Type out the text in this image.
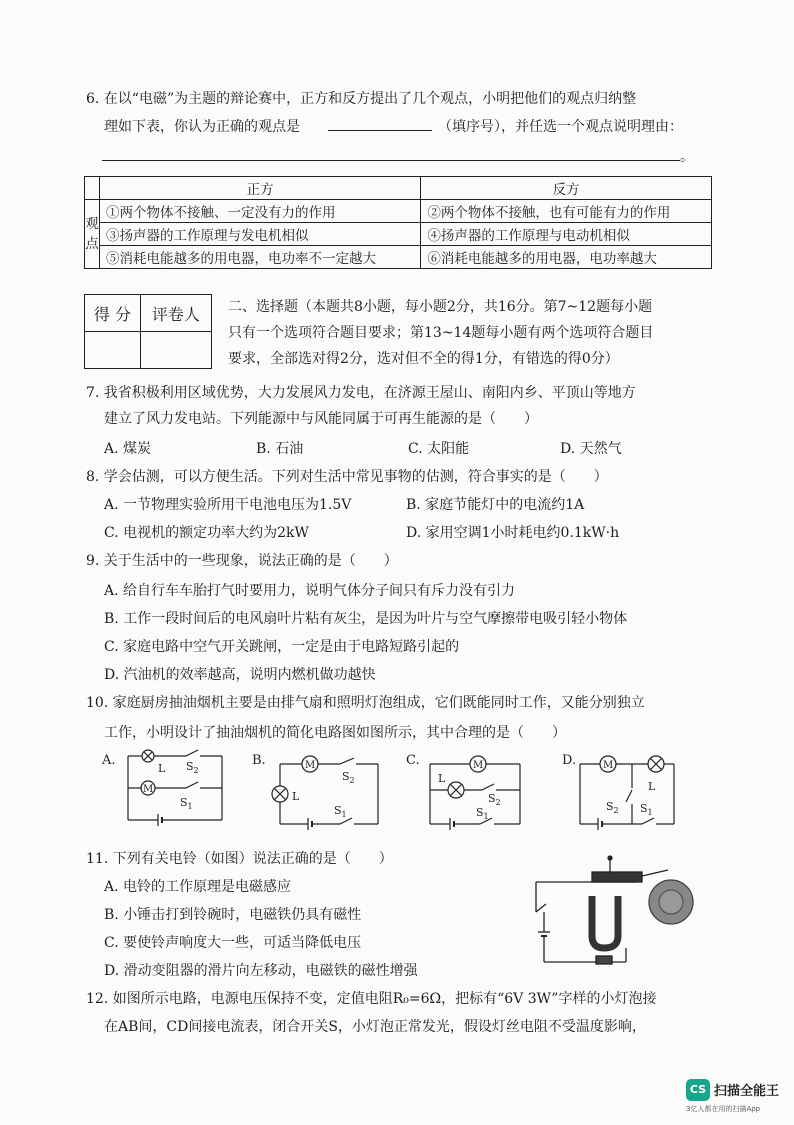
6. 在以“电磁”为主题的辩论赛中，正方和反方提出了几个观点，小明把他们的观点归纳整
理如下表，你认为正确的观点是	（填序号），并任选一个观点说明理由：
。
	正方	反方
观
点	①两个物体不接触、一定没有力的作用	②两个物体不接触，也有可能有力的作用
	③扬声器的工作原理与发电机相似	④扬声器的工作原理与电动机相似
	⑤消耗电能越多的用电器，电功率不一定越大	⑥消耗电能越多的用电器，电功率越大
得 分	评卷人
	二、选择题（本题共8小题，每小题2分，共16分。第7~12题每小题
只有一个选项符合题目要求；第13~14题每小题有两个选项符合题目
要求，全部选对得2分，选对但不全的得1分，有错选的得0分）
7. 我省积极利用区域优势，大力发展风力发电，在济源王屋山、南阳内乡、平顶山等地方
建立了风力发电站。下列能源中与风能同属于可再生能源的是（　　）
A. 煤炭	B. 石油	C. 太阳能	D. 天然气
8. 学会估测，可以方便生活。下列对生活中常见事物的估测，符合事实的是（　　）
A. 一节物理实验所用干电池电压为1.5V	B. 家庭节能灯中的电流约1A
C. 电视机的额定功率大约为2kW	D. 家用空调1小时耗电约0.1kW·h
9. 关于生活中的一些现象，说法正确的是（　　）
A. 给自行车车胎打气时要用力，说明气体分子间只有斥力没有引力
B. 工作一段时间后的电风扇叶片粘有灰尘，是因为叶片与空气摩擦带电吸引轻小物体
C. 家庭电路中空气开关跳闸，一定是由于电路短路引起的
D. 汽油机的效率越高，说明内燃机做功越快
10. 家庭厨房抽油烟机主要是由排气扇和照明灯泡组成，它们既能同时工作，又能分别独立
工作，小明设计了抽油烟机的简化电路图如图所示，其中合理的是（　　）
A.
L $S_2$
M
$S_1$
B.	M
$S_2$
L
$S_1$
C.	M
L
$S_2$
$S_1$
D.	M
L
$S_2$ $S_1$
11. 下列有关电铃（如图）说法正确的是（　　）
A. 电铃的工作原理是电磁感应
B. 小锤击打到铃碗时，电磁铁仍具有磁性
C. 要使铃声响度大一些，可适当降低电压
D. 滑动变阻器的滑片向左移动，电磁铁的磁性增强
12. 如图所示电路，电源电压保持不变，定值电阻R₀=6Ω，把标有“6V 3W”字样的小灯泡接
在AB间，CD间接电流表，闭合开关S，小灯泡正常发光，假设灯丝电阻不受温度影响，
CS 扫描全能王
3亿人都在用的扫描App
